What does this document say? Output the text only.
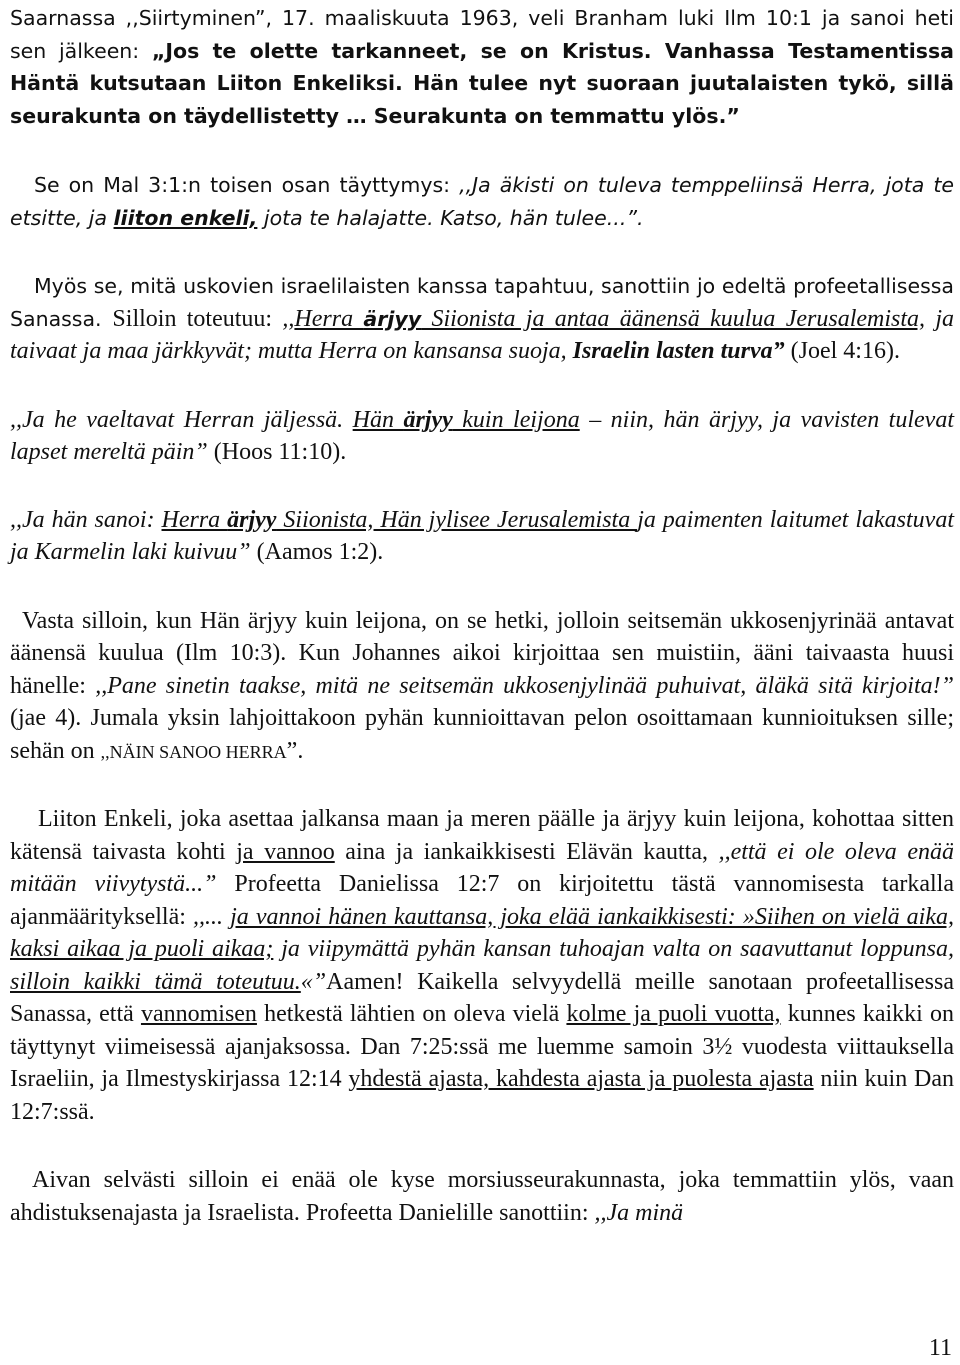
Saarnassa ,,Siirtyminen”, 17. maaliskuuta 1963, veli Branham luki Ilm 10:1 ja sanoi heti sen jälkeen: „Jos te olette tarkanneet, se on Kristus. Vanhassa Testamentissa Häntä kutsutaan Liiton Enkeliksi. Hän tulee nyt suoraan juutalaisten tykö, sillä seurakunta on täydellistetty … Seurakunta on temmattu ylös.”

Se on Mal 3:1:n toisen osan täyttymys: ,,Ja äkisti on tuleva temppeliinsä Herra, jota te etsitte, ja liiton enkeli, jota te halajatte. Katso, hän tulee...”.

Myös se, mitä uskovien israelilaisten kanssa tapahtuu, sanottiin jo edeltä profeetallisessa Sanassa. Silloin toteutuu: ,,Herra ärjyy Siionista ja antaa äänensä kuulua Jerusalemista, ja taivaat ja maa järkkyvät; mutta Herra on kansansa suoja, Israelin lasten turva” (Joel 4:16).

,,Ja he vaeltavat Herran jäljessä. Hän ärjyy kuin leijona – niin, hän ärjyy, ja vavisten tulevat lapset mereltä päin” (Hoos 11:10).

,,Ja hän sanoi: Herra ärjyy Siionista, Hän jylisee Jerusalemista ja paimenten laitumet lakastuvat ja Karmelin laki kuivuu” (Aamos 1:2).

Vasta silloin, kun Hän ärjyy kuin leijona, on se hetki, jolloin seitsemän ukkosenjyrinää antavat äänensä kuulua (Ilm 10:3). Kun Johannes aikoi kirjoittaa sen muistiin, ääni taivaasta huusi hänelle: ,,Pane sinetin taakse, mitä ne seitsemän ukkosenjylinää puhuivat, äläkä sitä kirjoita!” (jae 4). Jumala yksin lahjoittakoon pyhän kunnioittavan pelon osoittamaan kunnioituksen sille; sehän on ,,NÄIN SANOO HERRA”.

Liiton Enkeli, joka asettaa jalkansa maan ja meren päälle ja ärjyy kuin leijona, kohottaa sitten kätensä taivasta kohti ja vannoo aina ja iankaikkisesti Elävän kautta, ,,että ei ole oleva enää mitään viivytystä...” Profeetta Danielissa 12:7 on kirjoitettu tästä vannomisesta tarkalla ajanmäärityksellä: ,,... ja vannoi hänen kauttansa, joka elää iankaikkisesti: »Siihen on vielä aika, kaksi aikaa ja puoli aikaa; ja viipymättä pyhän kansan tuhoajan valta on saavuttanut loppunsa, silloin kaikki tämä toteutuu.«”Aamen! Kaikella selvyydellä meille sanotaan profeetallisessa Sanassa, että vannomisen hetkestä lähtien on oleva vielä kolme ja puoli vuotta, kunnes kaikki on täyttynyt viimeisessä ajanjaksossa. Dan 7:25:ssä me luemme samoin 3½ vuodesta viittauksella Israeliin, ja Ilmestyskirjassa 12:14 yhdestä ajasta, kahdesta ajasta ja puolesta ajasta niin kuin Dan 12:7:ssä.

Aivan selvästi silloin ei enää ole kyse morsiusseurakunnasta, joka temmattiin ylös, vaan ahdistuksenajasta ja Israelista. Profeetta Danielille sanottiin: ,,Ja minä

11
